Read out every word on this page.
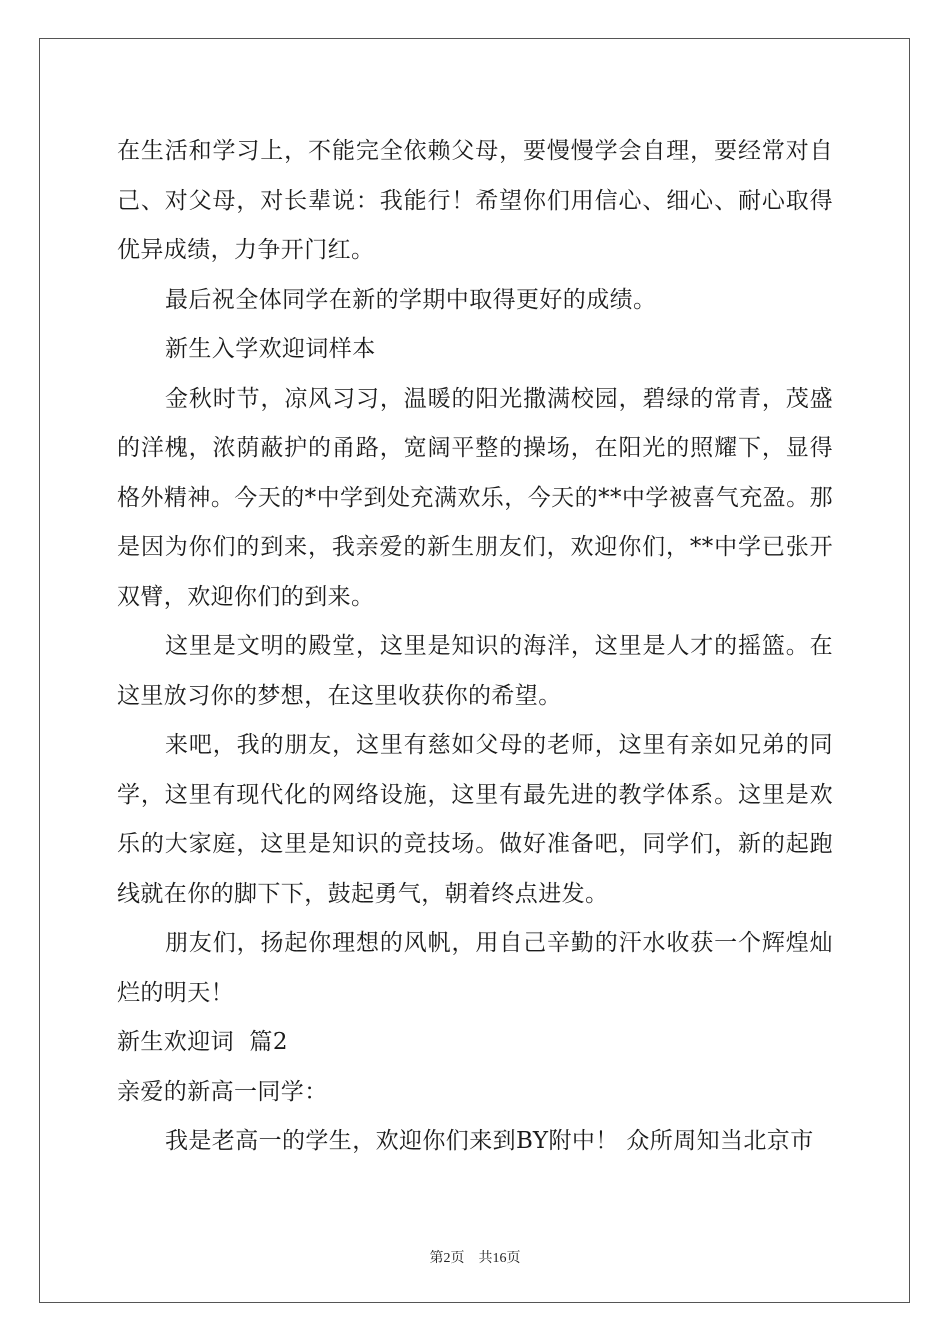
在生活和学习上，不能完全依赖父母，要慢慢学会自理，要经常对自己、对父母，对长辈说：我能行！希望你们用信心、细心、耐心取得优异成绩，力争开门红。

最后祝全体同学在新的学期中取得更好的成绩。

新生入学欢迎词样本

金秋时节，凉风习习，温暖的阳光撒满校园，碧绿的常青，茂盛的洋槐，浓荫蔽护的甬路，宽阔平整的操场，在阳光的照耀下，显得格外精神。今天的*中学到处充满欢乐，今天的**中学被喜气充盈。那是因为你们的到来，我亲爱的新生朋友们，欢迎你们，**中学已张开双臂，欢迎你们的到来。

这里是文明的殿堂，这里是知识的海洋，这里是人才的摇篮。在这里放习你的梦想，在这里收获你的希望。

来吧，我的朋友，这里有慈如父母的老师，这里有亲如兄弟的同学，这里有现代化的网络设施，这里有最先进的教学体系。这里是欢乐的大家庭，这里是知识的竞技场。做好准备吧，同学们，新的起跑线就在你的脚下下，鼓起勇气，朝着终点进发。

朋友们，扬起你理想的风帆，用自己辛勤的汗水收获一个辉煌灿烂的明天！

新生欢迎词  篇2

亲爱的新高一同学：

我是老高一的学生，欢迎你们来到BY附中！ 众所周知当北京市

第2页    共16页
